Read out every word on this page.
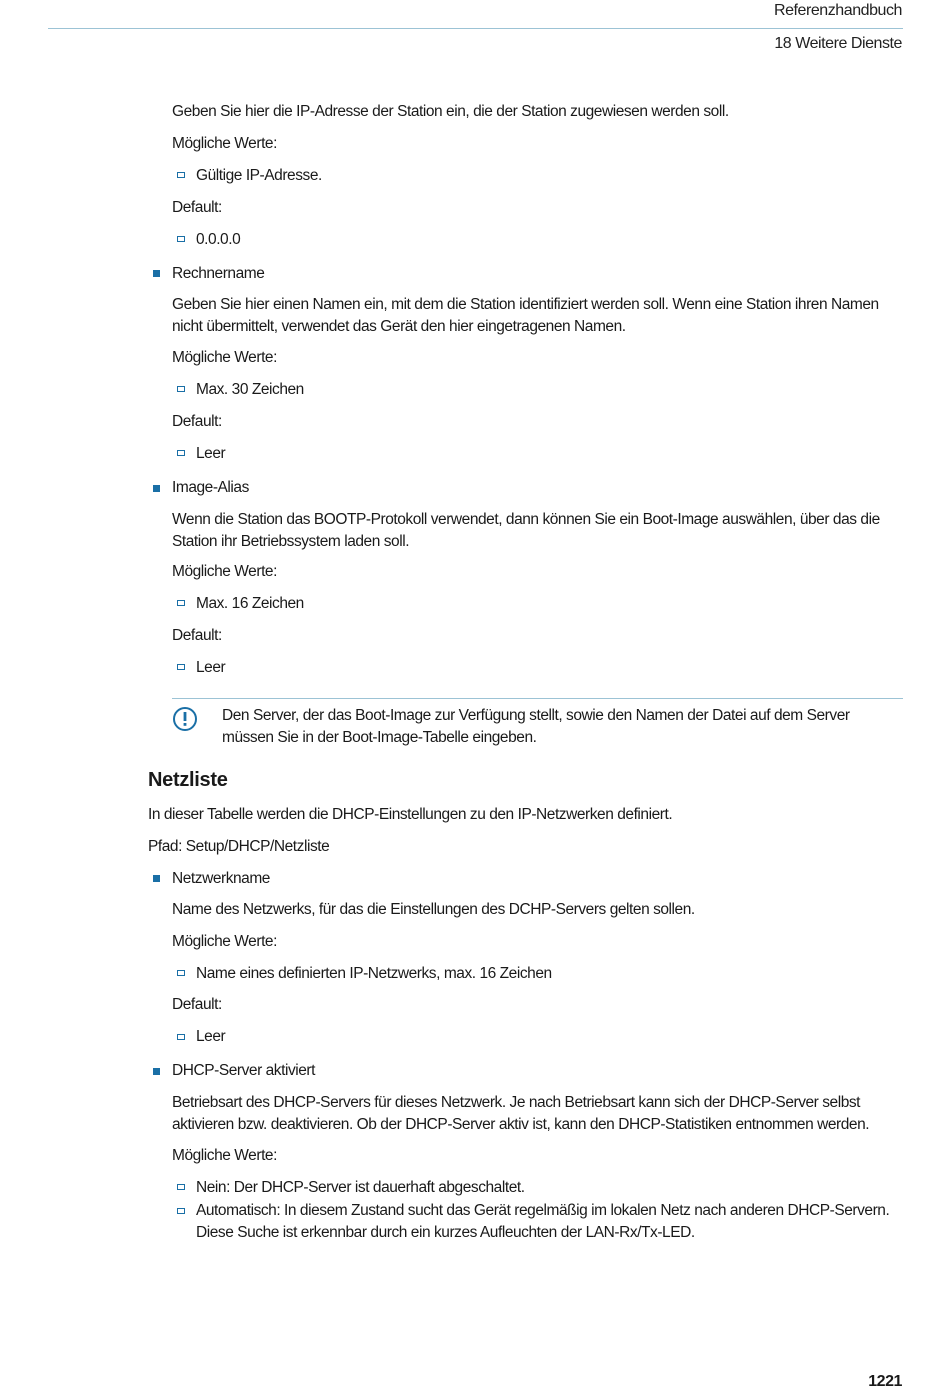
Referenzhandbuch
18 Weitere Dienste
Geben Sie hier die IP-Adresse der Station ein, die der Station zugewiesen werden soll.
Mögliche Werte:
Gültige IP-Adresse.
Default:
0.0.0.0
Rechnername
Geben Sie hier einen Namen ein, mit dem die Station identifiziert werden soll. Wenn eine Station ihren Namen nicht übermittelt, verwendet das Gerät den hier eingetragenen Namen.
Mögliche Werte:
Max. 30 Zeichen
Default:
Leer
Image-Alias
Wenn die Station das BOOTP-Protokoll verwendet, dann können Sie ein Boot-Image auswählen, über das die Station ihr Betriebssystem laden soll.
Mögliche Werte:
Max. 16 Zeichen
Default:
Leer
Den Server, der das Boot-Image zur Verfügung stellt, sowie den Namen der Datei auf dem Server müssen Sie in der Boot-Image-Tabelle eingeben.
Netzliste
In dieser Tabelle werden die DHCP-Einstellungen zu den IP-Netzwerken definiert.
Pfad: Setup/DHCP/Netzliste
Netzwerkname
Name des Netzwerks, für das die Einstellungen des DCHP-Servers gelten sollen.
Mögliche Werte:
Name eines definierten IP-Netzwerks, max. 16 Zeichen
Default:
Leer
DHCP-Server aktiviert
Betriebsart des DHCP-Servers für dieses Netzwerk. Je nach Betriebsart kann sich der DHCP-Server selbst aktivieren bzw. deaktivieren. Ob der DHCP-Server aktiv ist, kann den DHCP-Statistiken entnommen werden.
Mögliche Werte:
Nein: Der DHCP-Server ist dauerhaft abgeschaltet.
Automatisch: In diesem Zustand sucht das Gerät regelmäßig im lokalen Netz nach anderen DHCP-Servern. Diese Suche ist erkennbar durch ein kurzes Aufleuchten der LAN-Rx/Tx-LED.
1221
